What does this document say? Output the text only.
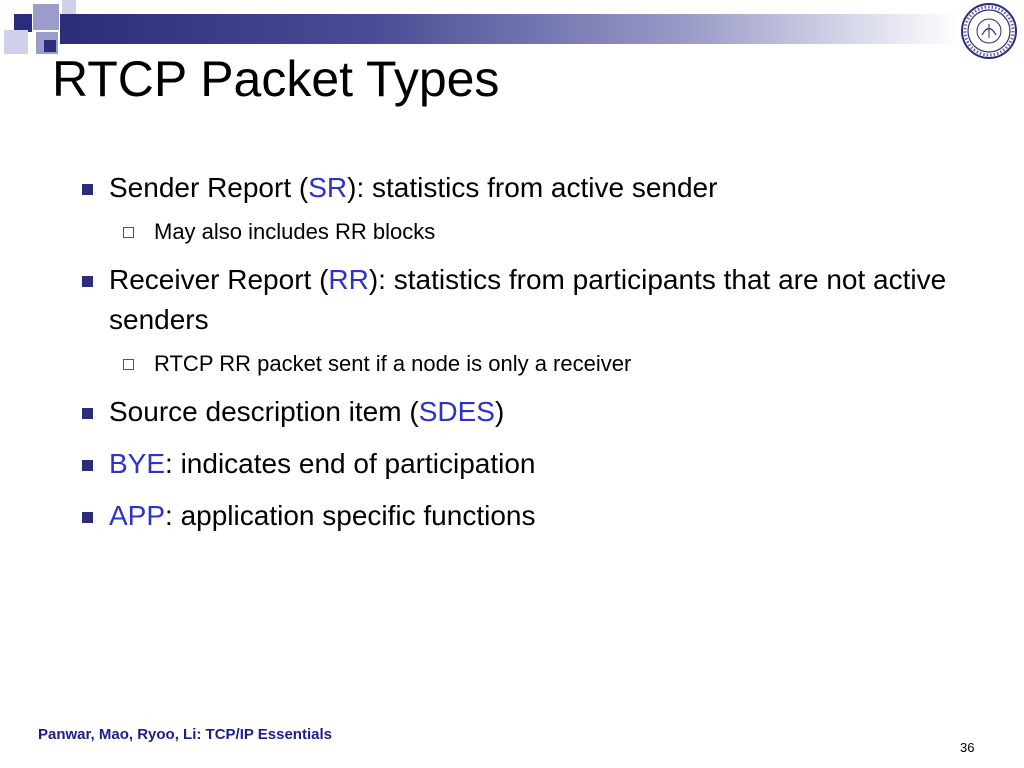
RTCP Packet Types
Sender Report (SR): statistics from active sender
May also includes RR blocks
Receiver Report (RR): statistics from participants that are not active senders
RTCP RR packet sent if a node is only a receiver
Source description item (SDES)
BYE: indicates end of participation
APP: application specific functions
Panwar, Mao, Ryoo, Li: TCP/IP Essentials
36
